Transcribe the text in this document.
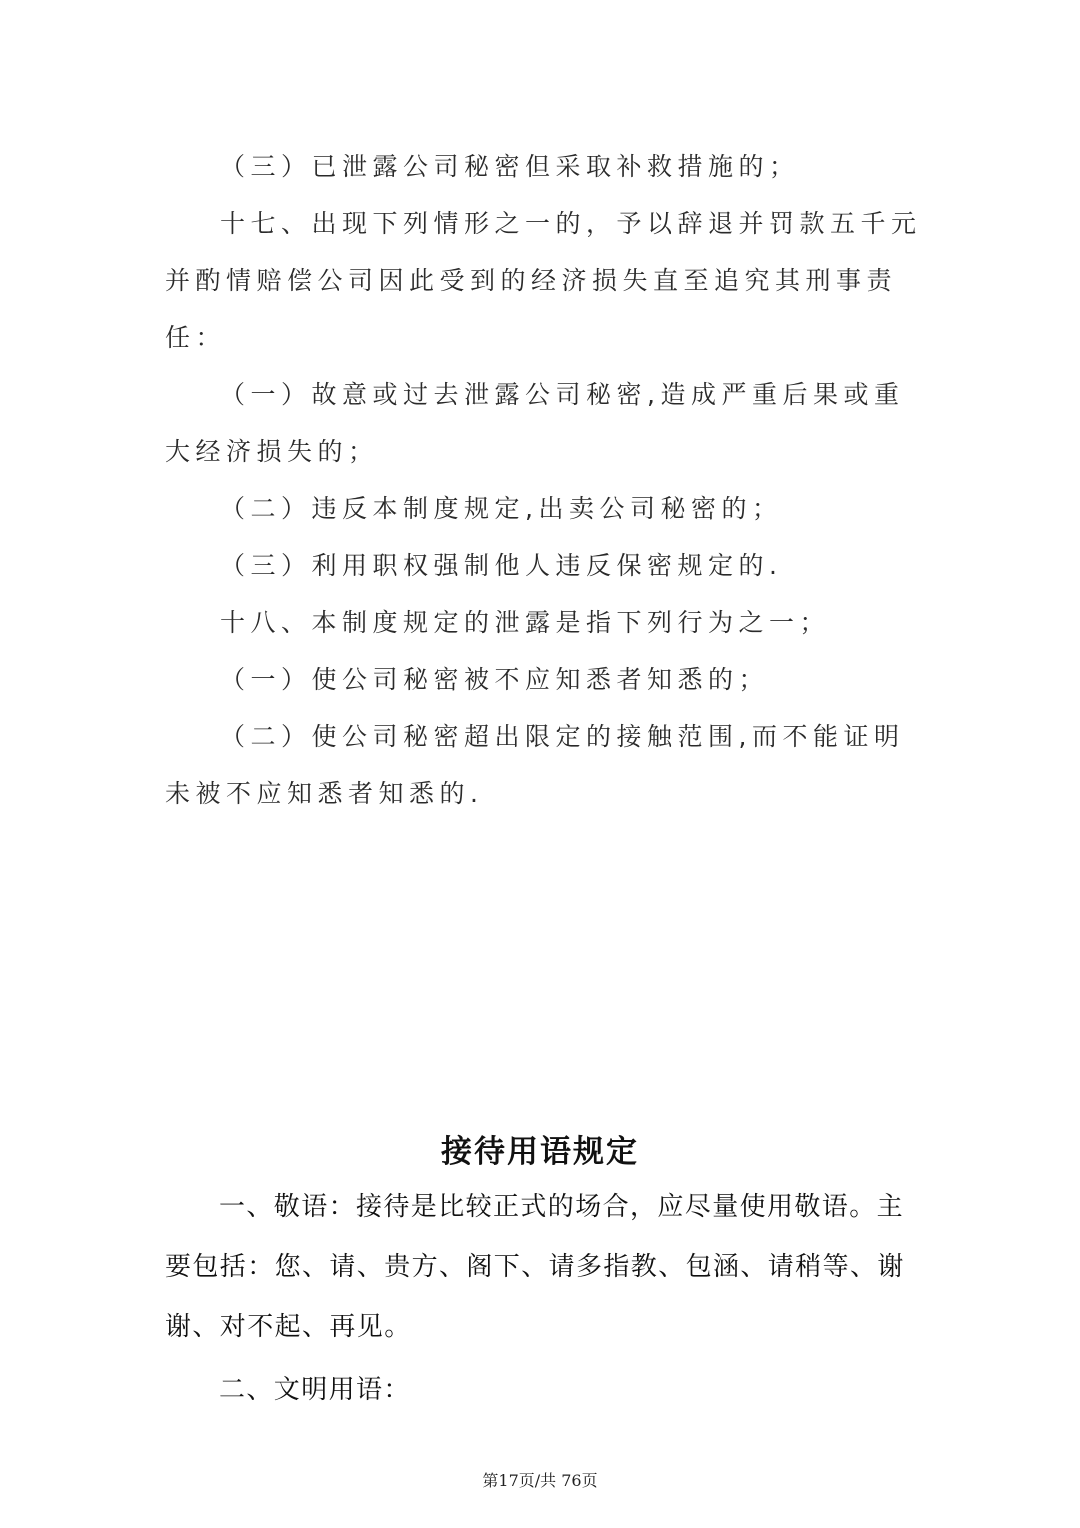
（三）已泄露公司秘密但采取补救措施的；

十七、出现下列情形之一的，予以辞退并罚款五千元并酌情赔偿公司因此受到的经济损失直至追究其刑事责任：

（一）故意或过去泄露公司秘密,造成严重后果或重大经济损失的；

（二）违反本制度规定,出卖公司秘密的；

（三）利用职权强制他人违反保密规定的.

十八、本制度规定的泄露是指下列行为之一；

（一）使公司秘密被不应知悉者知悉的；

（二）使公司秘密超出限定的接触范围,而不能证明未被不应知悉者知悉的.

接待用语规定

一、敬语：接待是比较正式的场合，应尽量使用敬语。主要包括：您、请、贵方、阁下、请多指教、包涵、请稍等、谢谢、对不起、再见。

二、文明用语：

第17页/共 76页
